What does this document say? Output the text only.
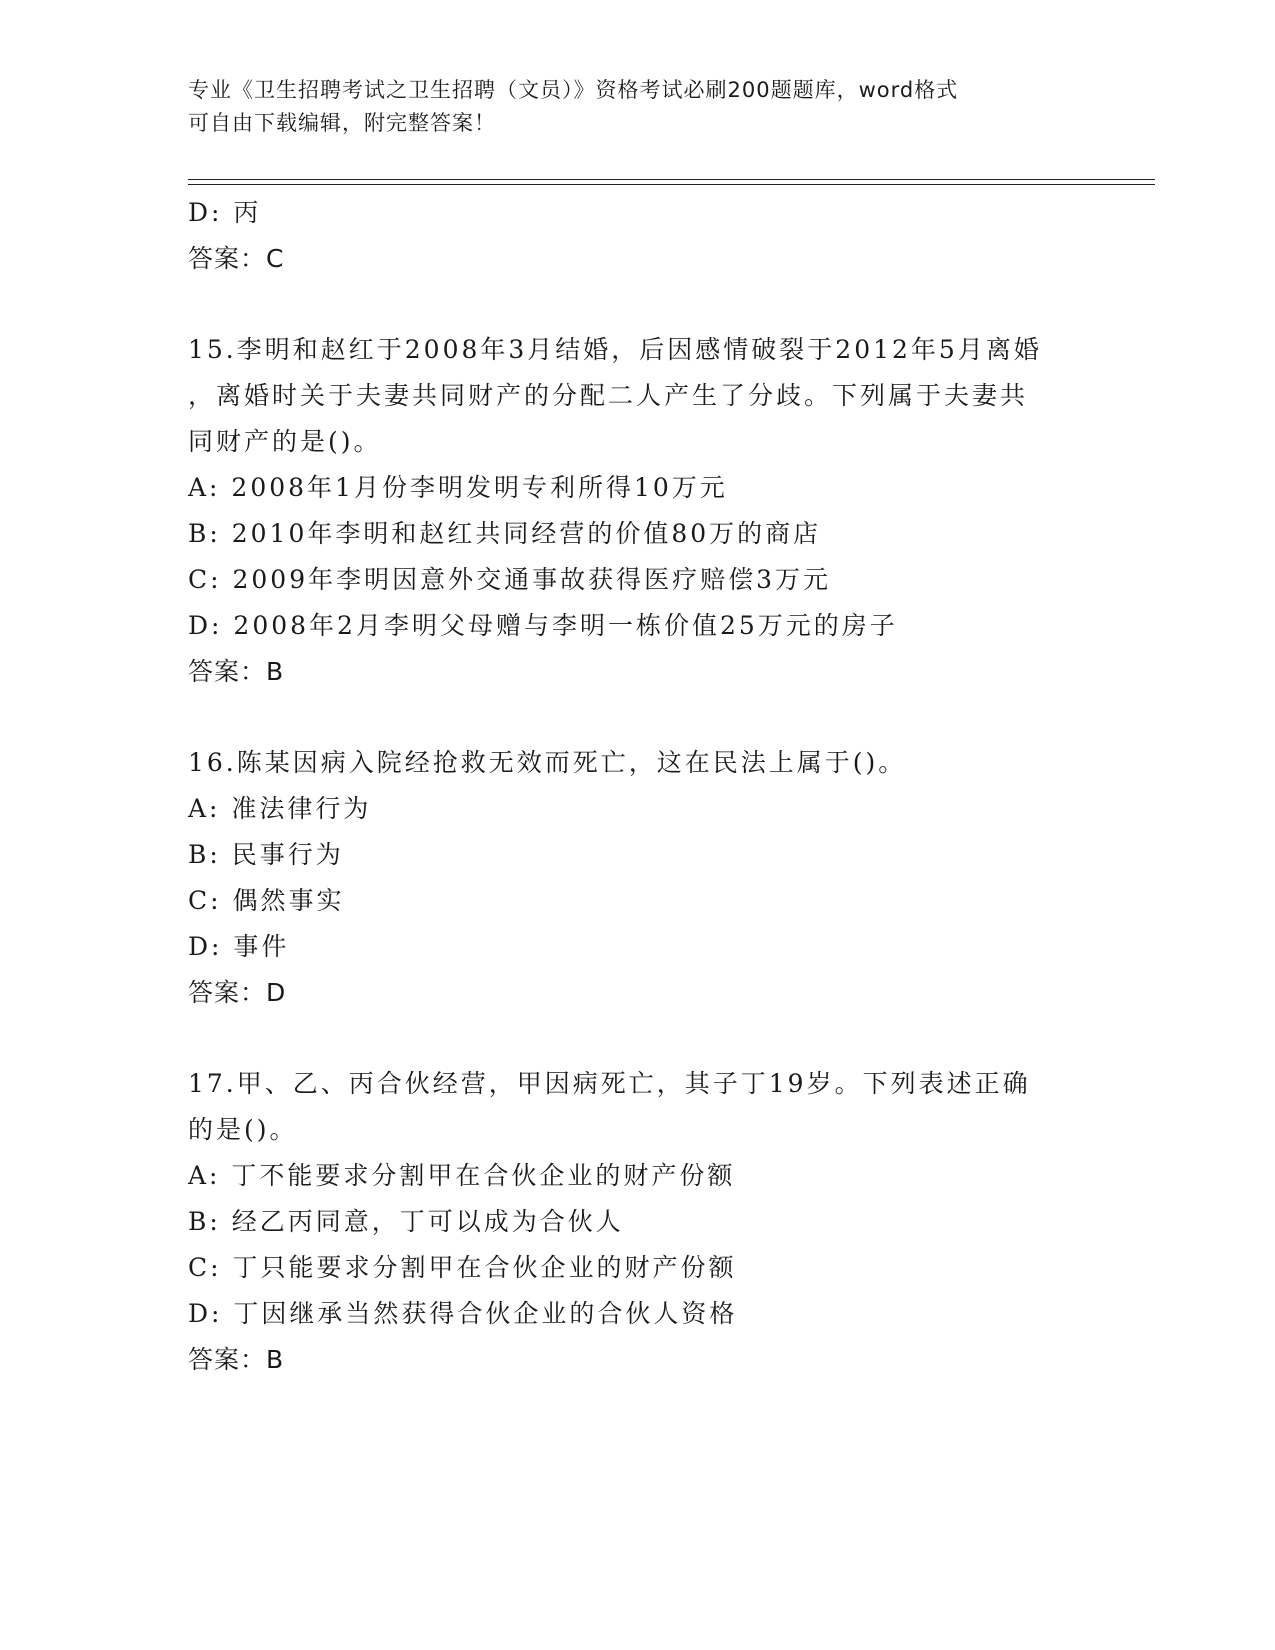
专业《卫生招聘考试之卫生招聘（文员）》资格考试必刷200题题库，word格式
可自由下载编辑，附完整答案！
D: 丙
答案：C
15.李明和赵红于2008年3月结婚，后因感情破裂于2012年5月离婚
，离婚时关于夫妻共同财产的分配二人产生了分歧。下列属于夫妻共
同财产的是()。
A: 2008年1月份李明发明专利所得10万元
B: 2010年李明和赵红共同经营的价值80万的商店
C: 2009年李明因意外交通事故获得医疗赔偿3万元
D: 2008年2月李明父母赠与李明一栋价值25万元的房子
答案：B
16.陈某因病入院经抢救无效而死亡，这在民法上属于()。
A: 准法律行为
B: 民事行为
C: 偶然事实
D: 事件
答案：D
17.甲、乙、丙合伙经营，甲因病死亡，其子丁19岁。下列表述正确
的是()。
A: 丁不能要求分割甲在合伙企业的财产份额
B: 经乙丙同意，丁可以成为合伙人
C: 丁只能要求分割甲在合伙企业的财产份额
D: 丁因继承当然获得合伙企业的合伙人资格
答案：B
